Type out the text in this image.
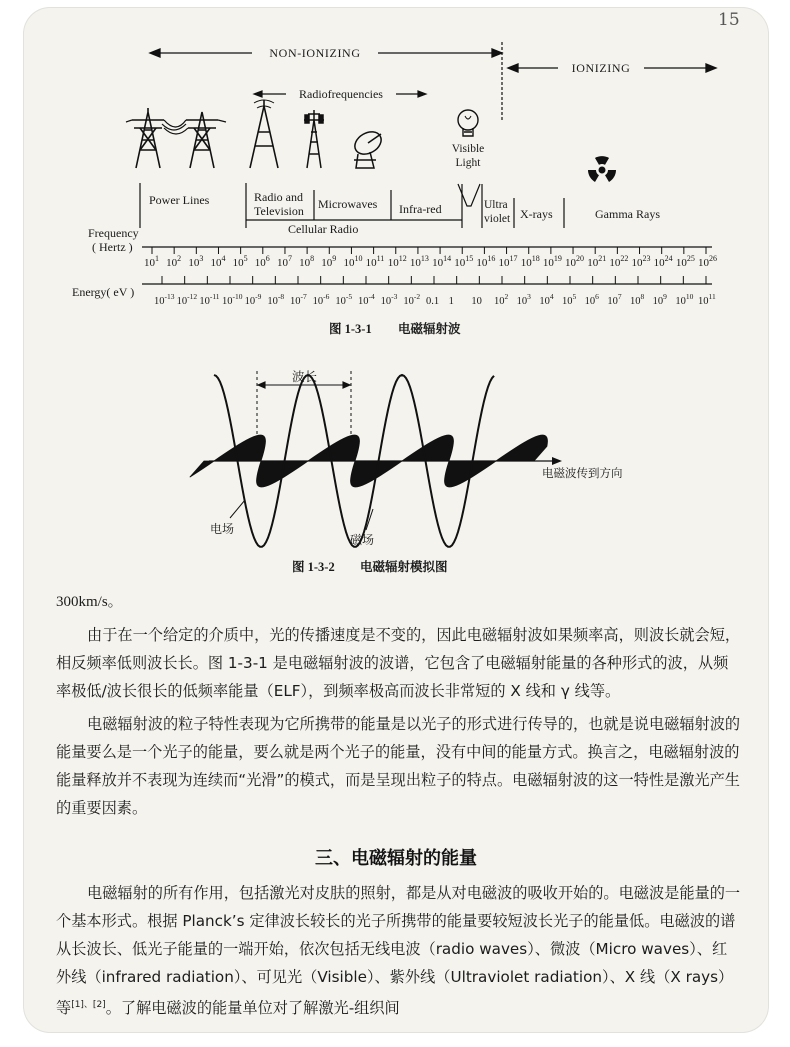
15
NON-IONIZING
IONIZING
Radiofrequencies
Visible
Light
Power Lines	Radio and
Television Microwaves
Cellular Radio
Infra-red	Ultra
violet X-rays	Gamma Rays
Frequency
( Hertz )
$10^1$ $10^2$ $10^3$ $10^4$ $10^5$ $10^6$ $10^7$ $10^8$ $10^9$ $10^{10}$ $10^{11}$ $10^{12}$ $10^{13}$ $10^{14}$ $10^{15}$ $10^{16}$ $10^{17}$ $10^{18}$ $10^{19}$ $10^{20}$ $10^{21}$ $10^{22}$ $10^{23}$ $10^{24}$ $10^{25}$ $10^{26}$
Energy( eV )
$10^{-13}$ $10^{-12}$ $10^{-11}$ $10^{-10}$ $10^{-9}$ $10^{-8}$ $10^{-7}$ $10^{-6}$ $10^{-5}$ $10^{-4}$ $10^{-3}$ $10^{-2}$ 0.1 1 10 $10^2$ $10^3$ $10^4$ $10^5$ $10^6$ $10^7$ $10^8$ $10^9$ $10^{10}$ $10^{11}$
图 1-3-1 电磁辐射波
波长
电磁波传到方向
电场
磁场
图 1-3-2 电磁辐射模拟图

300km/s。

由于在一个给定的介质中，光的传播速度是不变的，因此电磁辐射波如果频率高，则波长就会短，相反频率低则波长长。图 1-3-1 是电磁辐射波的波谱，它包含了电磁辐射能量的各种形式的波，从频率极低/波长很长的低频率能量（ELF），到频率极高而波长非常短的 X 线和 γ 线等。

电磁辐射波的粒子特性表现为它所携带的能量是以光子的形式进行传导的，也就是说电磁辐射波的能量要么是一个光子的能量，要么就是两个光子的能量，没有中间的能量方式。换言之，电磁辐射波的能量释放并不表现为连续而“光滑”的模式，而是呈现出粒子的特点。电磁辐射波的这一特性是激光产生的重要因素。

三、电磁辐射的能量

电磁辐射的所有作用，包括激光对皮肤的照射，都是从对电磁波的吸收开始的。电磁波是能量的一个基本形式。根据 Planck’s 定律波长较长的光子所携带的能量要较短波长光子的能量低。电磁波的谱从长波长、低光子能量的一端开始，依次包括无线电波（radio waves）、微波（Micro waves）、红外线（infrared radiation）、可见光（Visible）、紫外线（Ultraviolet radiation）、X 线（X rays）等[1]、[2]。了解电磁波的能量单位对了解激光-组织间
